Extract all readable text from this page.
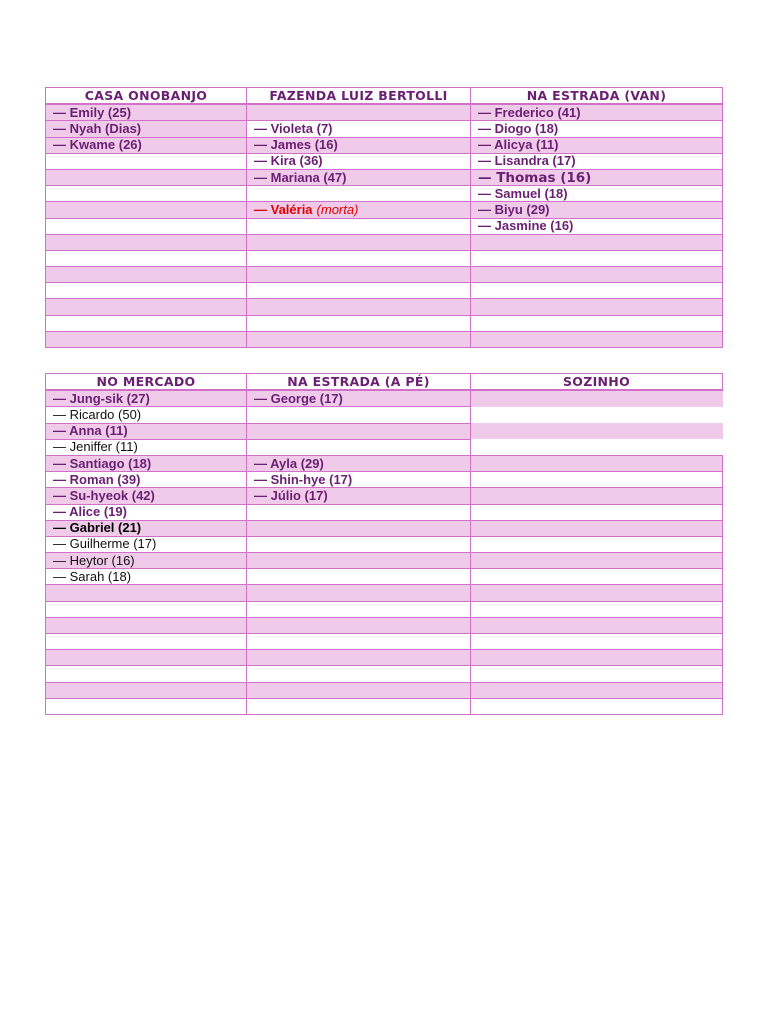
CASA ONOBANJO	FAZENDA LUIZ BERTOLLI	NA ESTRADA (VAN)
— Emily (25)		— Frederico (41)
— Nyah (Dias)	— Violeta (7)	— Diogo (18)
— Kwame (26)	— James (16)	— Alicya (11)
	— Kira (36)	— Lisandra (17)
	— Mariana (47)	— Thomas (16)
		— Samuel (18)
	— Valéria (morta)	— Biyu (29)
		— Jasmine (16)

NO MERCADO	NA ESTRADA (A PÉ)	SOZINHO
— Jung-sik (27)	— George (17)	
— Ricardo (50)		
— Anna (11)		
— Jeniffer (11)		
— Santiago (18)	— Ayla (29)	
— Roman (39)	— Shin-hye (17)	
— Su-hyeok (42)	— Júlio (17)	
— Alice (19)		
— Gabriel (21)		
— Guilherme (17)		
— Heytor (16)		
— Sarah (18)		
